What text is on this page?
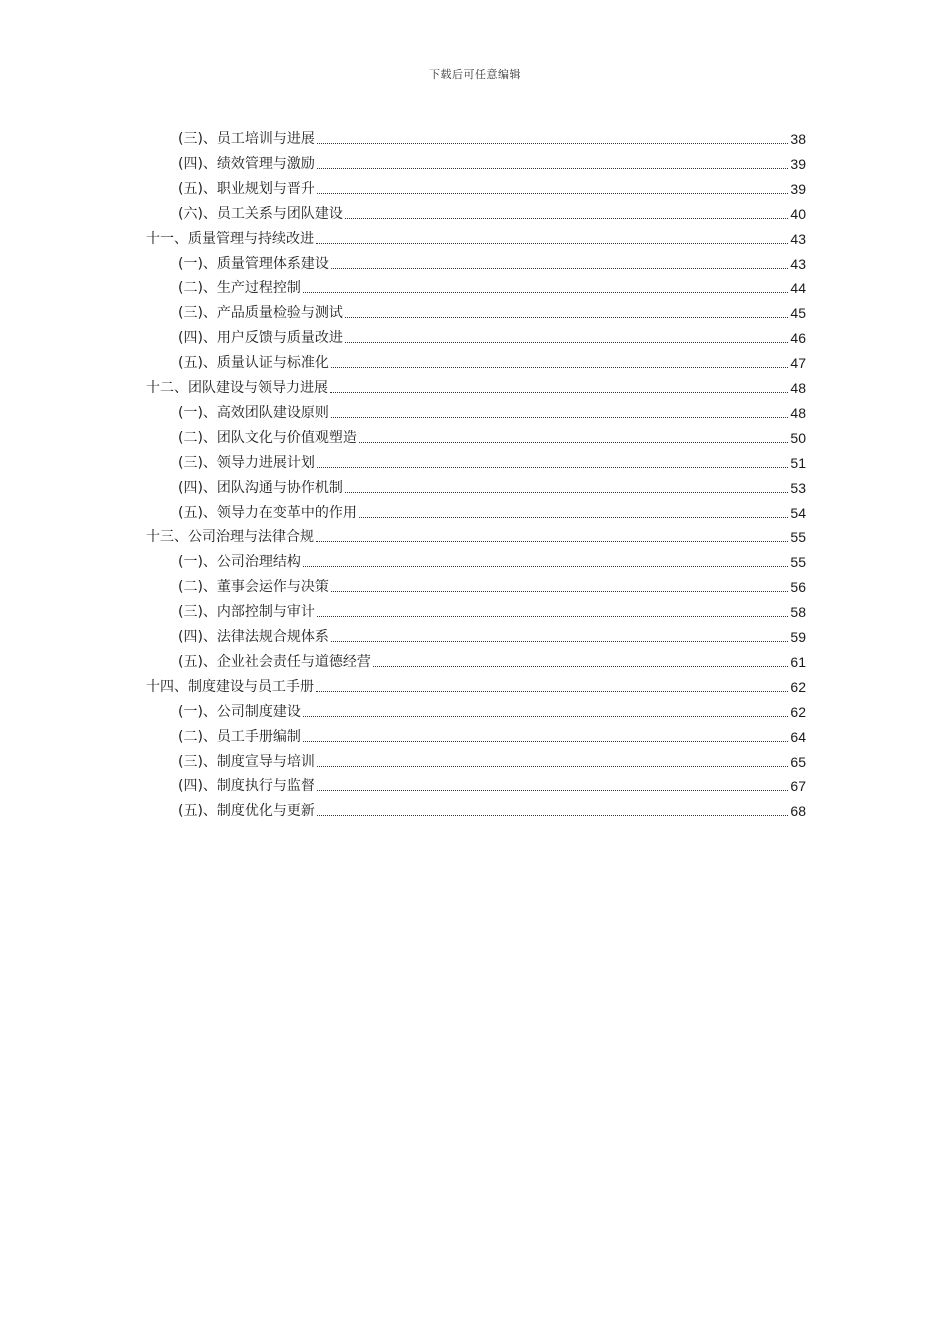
下载后可任意编辑
(三)、员工培训与进展	38
(四)、绩效管理与激励	39
(五)、职业规划与晋升	39
(六)、员工关系与团队建设	40
十一、质量管理与持续改进	43
(一)、质量管理体系建设	43
(二)、生产过程控制	44
(三)、产品质量检验与测试	45
(四)、用户反馈与质量改进	46
(五)、质量认证与标准化	47
十二、团队建设与领导力进展	48
(一)、高效团队建设原则	48
(二)、团队文化与价值观塑造	50
(三)、领导力进展计划	51
(四)、团队沟通与协作机制	53
(五)、领导力在变革中的作用	54
十三、公司治理与法律合规	55
(一)、公司治理结构	55
(二)、董事会运作与决策	56
(三)、内部控制与审计	58
(四)、法律法规合规体系	59
(五)、企业社会责任与道德经营	61
十四、制度建设与员工手册	62
(一)、公司制度建设	62
(二)、员工手册编制	64
(三)、制度宣导与培训	65
(四)、制度执行与监督	67
(五)、制度优化与更新	68
